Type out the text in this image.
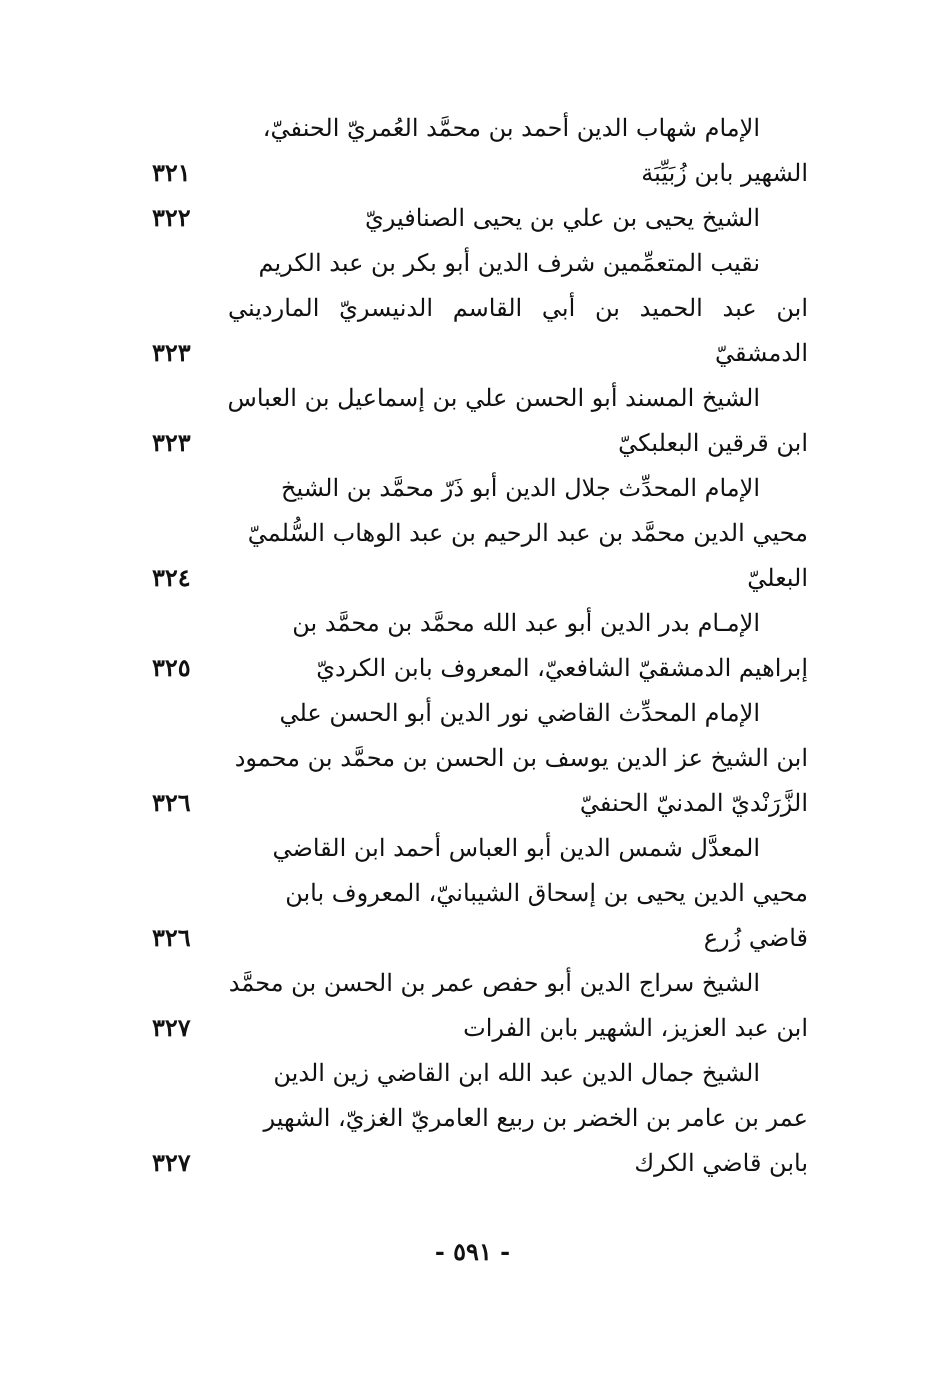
الإمام شهاب الدين أحمد بن محمَّد العُمريّ الحنفيّ،
الشهير بابن زُبَيِّبَة
٣٢١
الشيخ يحيى بن علي بن يحيى الصنافيريّ
٣٢٢
نقيب المتعمِّمين شرف الدين أبو بكر بن عبد الكريم
ابن عبد الحميد بن أبي القاسم الدنيسريّ المارديني
الدمشقيّ
٣٢٣
الشيخ المسند أبو الحسن علي بن إسماعيل بن العباس
ابن قرقين البعلبكيّ
٣٢٣
الإمام المحدِّث جلال الدين أبو ذَرّ محمَّد بن الشيخ
محيي الدين محمَّد بن عبد الرحيم بن عبد الوهاب السُّلميّ
البعليّ
٣٢٤
الإمـام بدر الدين أبو عبد الله محمَّد بن محمَّد بن
إبراهيم الدمشقيّ الشافعيّ، المعروف بابن الكرديّ
٣٢٥
الإمام المحدِّث القاضي نور الدين أبو الحسن علي
ابن الشيخ عز الدين يوسف بن الحسن بن محمَّد بن محمود
الزَّرَنْديّ المدنيّ الحنفيّ
٣٢٦
المعدَّل شمس الدين أبو العباس أحمد ابن القاضي
محيي الدين يحيى بن إسحاق الشيبانيّ، المعروف بابن
قاضي زُرع
٣٢٦
الشيخ سراج الدين أبو حفص عمر بن الحسن بن محمَّد
ابن عبد العزيز، الشهير بابن الفرات
٣٢٧
الشيخ جمال الدين عبد الله ابن القاضي زين الدين
عمر بن عامر بن الخضر بن ربيع العامريّ الغزيّ، الشهير
بابن قاضي الكرك
٣٢٧
- ٥٩١ -
